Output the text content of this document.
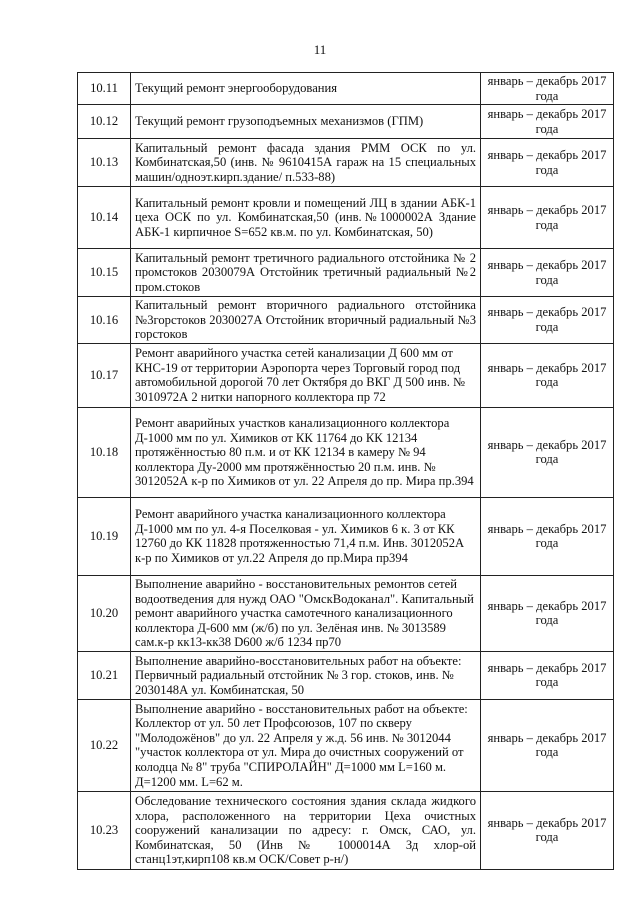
11
10.11	Текущий ремонт энергооборудования	январь – декабрь 2017 года
10.12	Текущий ремонт грузоподъемных механизмов (ГПМ)	январь – декабрь 2017 года
10.13	Капитальный ремонт фасада здания РММ ОСК по ул. Комбинатская,50 (инв. № 9610415А гараж на 15 специальных машин/одноэт.кирп.здание/ п.533-88)	январь – декабрь 2017 года
10.14	Капитальный ремонт кровли и помещений ЛЦ в здании АБК-1 цеха ОСК по ул. Комбинатская,50 (инв.№1000002А Здание АБК-1 кирпичное S=652 кв.м. по ул. Комбинатская, 50)	январь – декабрь 2017 года
10.15	Капитальный ремонт третичного радиального отстойника № 2 промстоков 2030079А Отстойник третичный радиальный №2 пром.стоков	январь – декабрь 2017 года
10.16	Капитальный ремонт вторичного радиального отстойника №3горстоков 2030027А Отстойник вторичный радиальный №3 горстоков	январь – декабрь 2017 года
10.17	Ремонт аварийного участка сетей канализации Д 600 мм от КНС-19 от территории Аэропорта через Торговый город под автомобильной дорогой 70 лет Октября до ВКГ Д 500 инв. № 3010972А 2 нитки напорного коллектора пр 72	январь – декабрь 2017 года
10.18	Ремонт аварийных участков канализационного коллектора Д-1000 мм по ул. Химиков от КК 11764 до КК 12134 протяжённостью 80 п.м. и от КК 12134 в камеру № 94 коллектора Ду-2000 мм протяжённостью 20 п.м. инв. № 3012052А к-р по Химиков от ул. 22 Апреля до пр. Мира пр.394	январь – декабрь 2017 года
10.19	Ремонт аварийного участка канализационного коллектора Д-1000 мм по ул. 4-я Поселковая - ул. Химиков 6 к. 3 от КК 12760 до КК 11828 протяженностью 71,4 п.м. Инв. 3012052А к-р по Химиков от ул.22 Апреля до пр.Мира пр394	январь – декабрь 2017 года
10.20	Выполнение аварийно - восстановительных ремонтов сетей водоотведения для нужд ОАО "ОмскВодоканал". Капитальный ремонт аварийного участка самотечного канализационного коллектора Д-600 мм (ж/б) по ул. Зелёная инв. № 3013589 сам.к-р кк13-кк38 D600 ж/б 1234 пр70	январь – декабрь 2017 года
10.21	Выполнение аварийно-восстановительных работ на объекте: Первичный радиальный отстойник № 3 гор. стоков, инв. № 2030148А ул. Комбинатская, 50	январь – декабрь 2017 года
10.22	Выполнение аварийно - восстановительных работ на объекте: Коллектор от ул. 50 лет Профсоюзов, 107 по скверу "Молодожёнов" до ул. 22 Апреля у ж.д. 56 инв. № 3012044 "участок коллектора от ул. Мира до очистных сооружений от колодца № 8" труба "СПИРОЛАЙН" Д=1000 мм L=160 м. Д=1200 мм. L=62 м.	январь – декабрь 2017 года
10.23	Обследование технического состояния здания склада жидкого хлора, расположенного на территории Цеха очистных сооружений канализации по адресу: г. Омск, САО, ул. Комбинатская, 50 (Инв № 1000014А Зд хлор-ой станц1эт,кирп108 кв.м ОСК/Совет р-н/)	январь – декабрь 2017 года
